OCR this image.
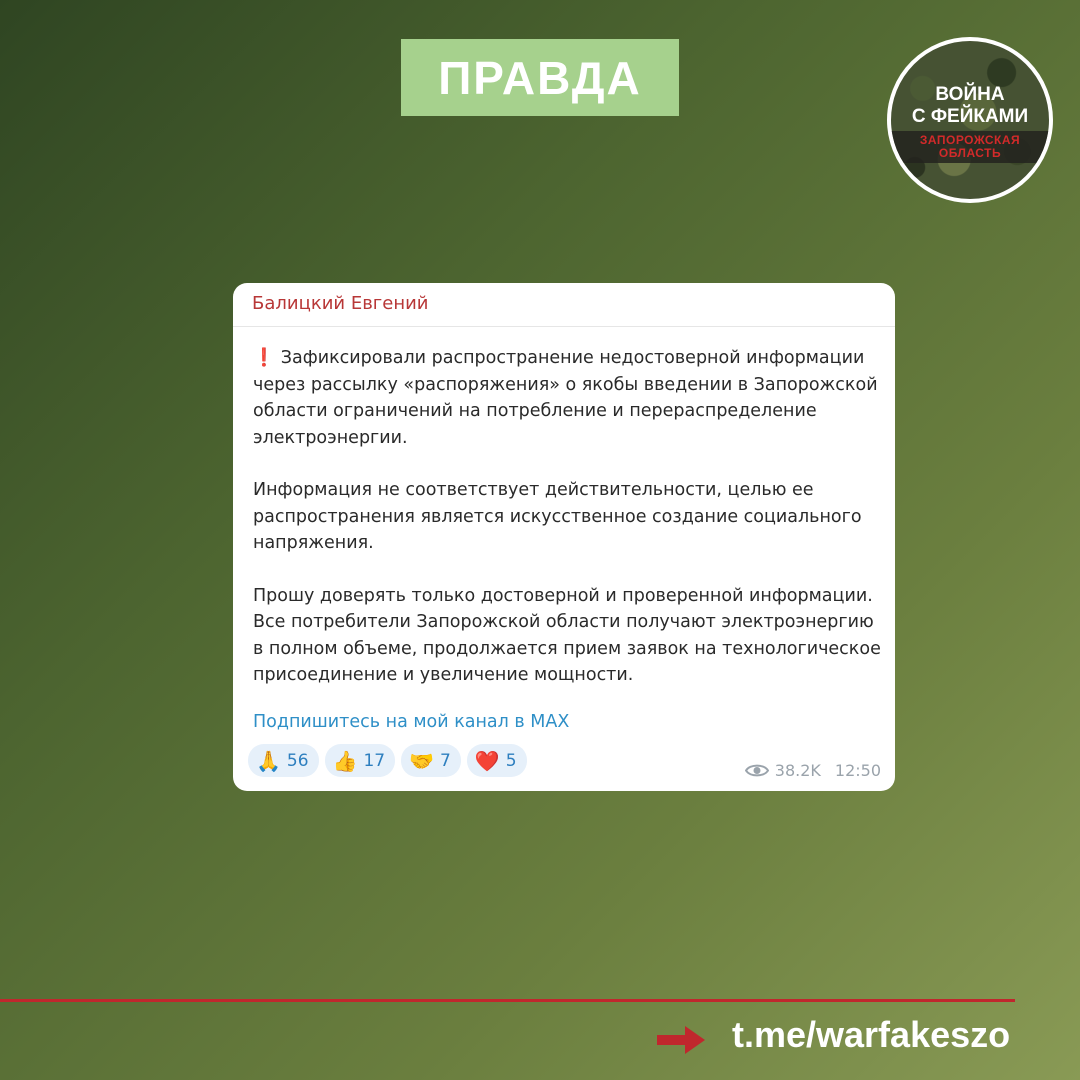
ПРАВДА	ВОЙНА
С ФЕЙКАМИ
ЗАПОРОЖСКАЯ
ОБЛАСТЬ
Балицкий Евгений

❗ Зафиксировали распространение недостоверной информации через рассылку «распоряжения» о якобы введении в Запорожской области ограничений на потребление и перераспределение электроэнергии.

Информация не соответствует действительности, целью ее распространения является искусственное создание социального напряжения.

Прошу доверять только достоверной и проверенной информации. Все потребители Запорожской области получают электроэнергию в полном объеме, продолжается прием заявок на технологическое присоединение и увеличение мощности.

Подпишитесь на мой канал в MAX
🙏 56 👍 17 🤝 7 ❤️ 5	38.2K 12:50
t.me/warfakeszo
